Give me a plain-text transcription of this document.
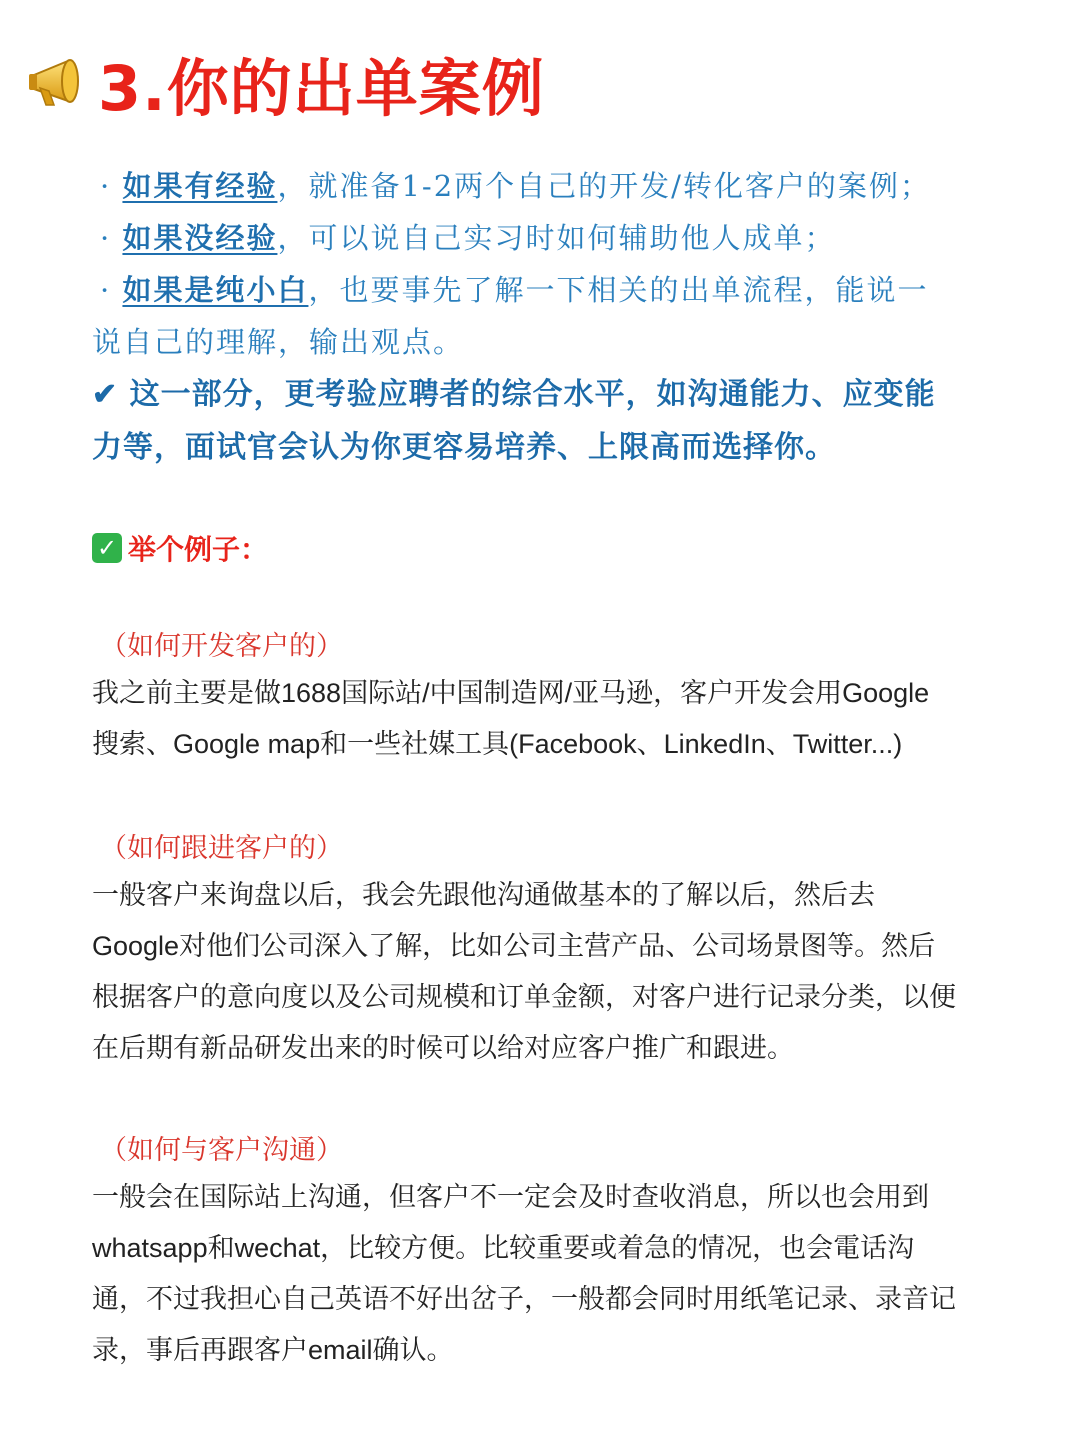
3.你的出单案例
· 如果有经验，就准备1-2两个自己的开发/转化客户的案例；
· 如果没经验，可以说自己实习时如何辅助他人成单；
· 如果是纯小白，也要事先了解一下相关的出单流程，能说一
说自己的理解，输出观点。
✔ 这一部分，更考验应聘者的综合水平，如沟通能力、应变能
力等，面试官会认为你更容易培养、上限高而选择你。
✓ 举个例子：
（如何开发客户的）

我之前主要是做1688国际站/中国制造网/亚马逊，客户开发会用Google

搜索、Google map和一些社媒工具(Facebook、LinkedIn、Twitter...)

（如何跟进客户的）

一般客户来询盘以后，我会先跟他沟通做基本的了解以后，然后去

Google对他们公司深入了解，比如公司主营产品、公司场景图等。然后

根据客户的意向度以及公司规模和订单金额，对客户进行记录分类，以便

在后期有新品研发出来的时候可以给对应客户推广和跟进。

（如何与客户沟通）

一般会在国际站上沟通，但客户不一定会及时查收消息，所以也会用到

whatsapp和wechat，比较方便。比较重要或着急的情况，也会電话沟

通，不过我担心自己英语不好出岔子，一般都会同时用纸笔记录、录音记

录，事后再跟客户email确认。
